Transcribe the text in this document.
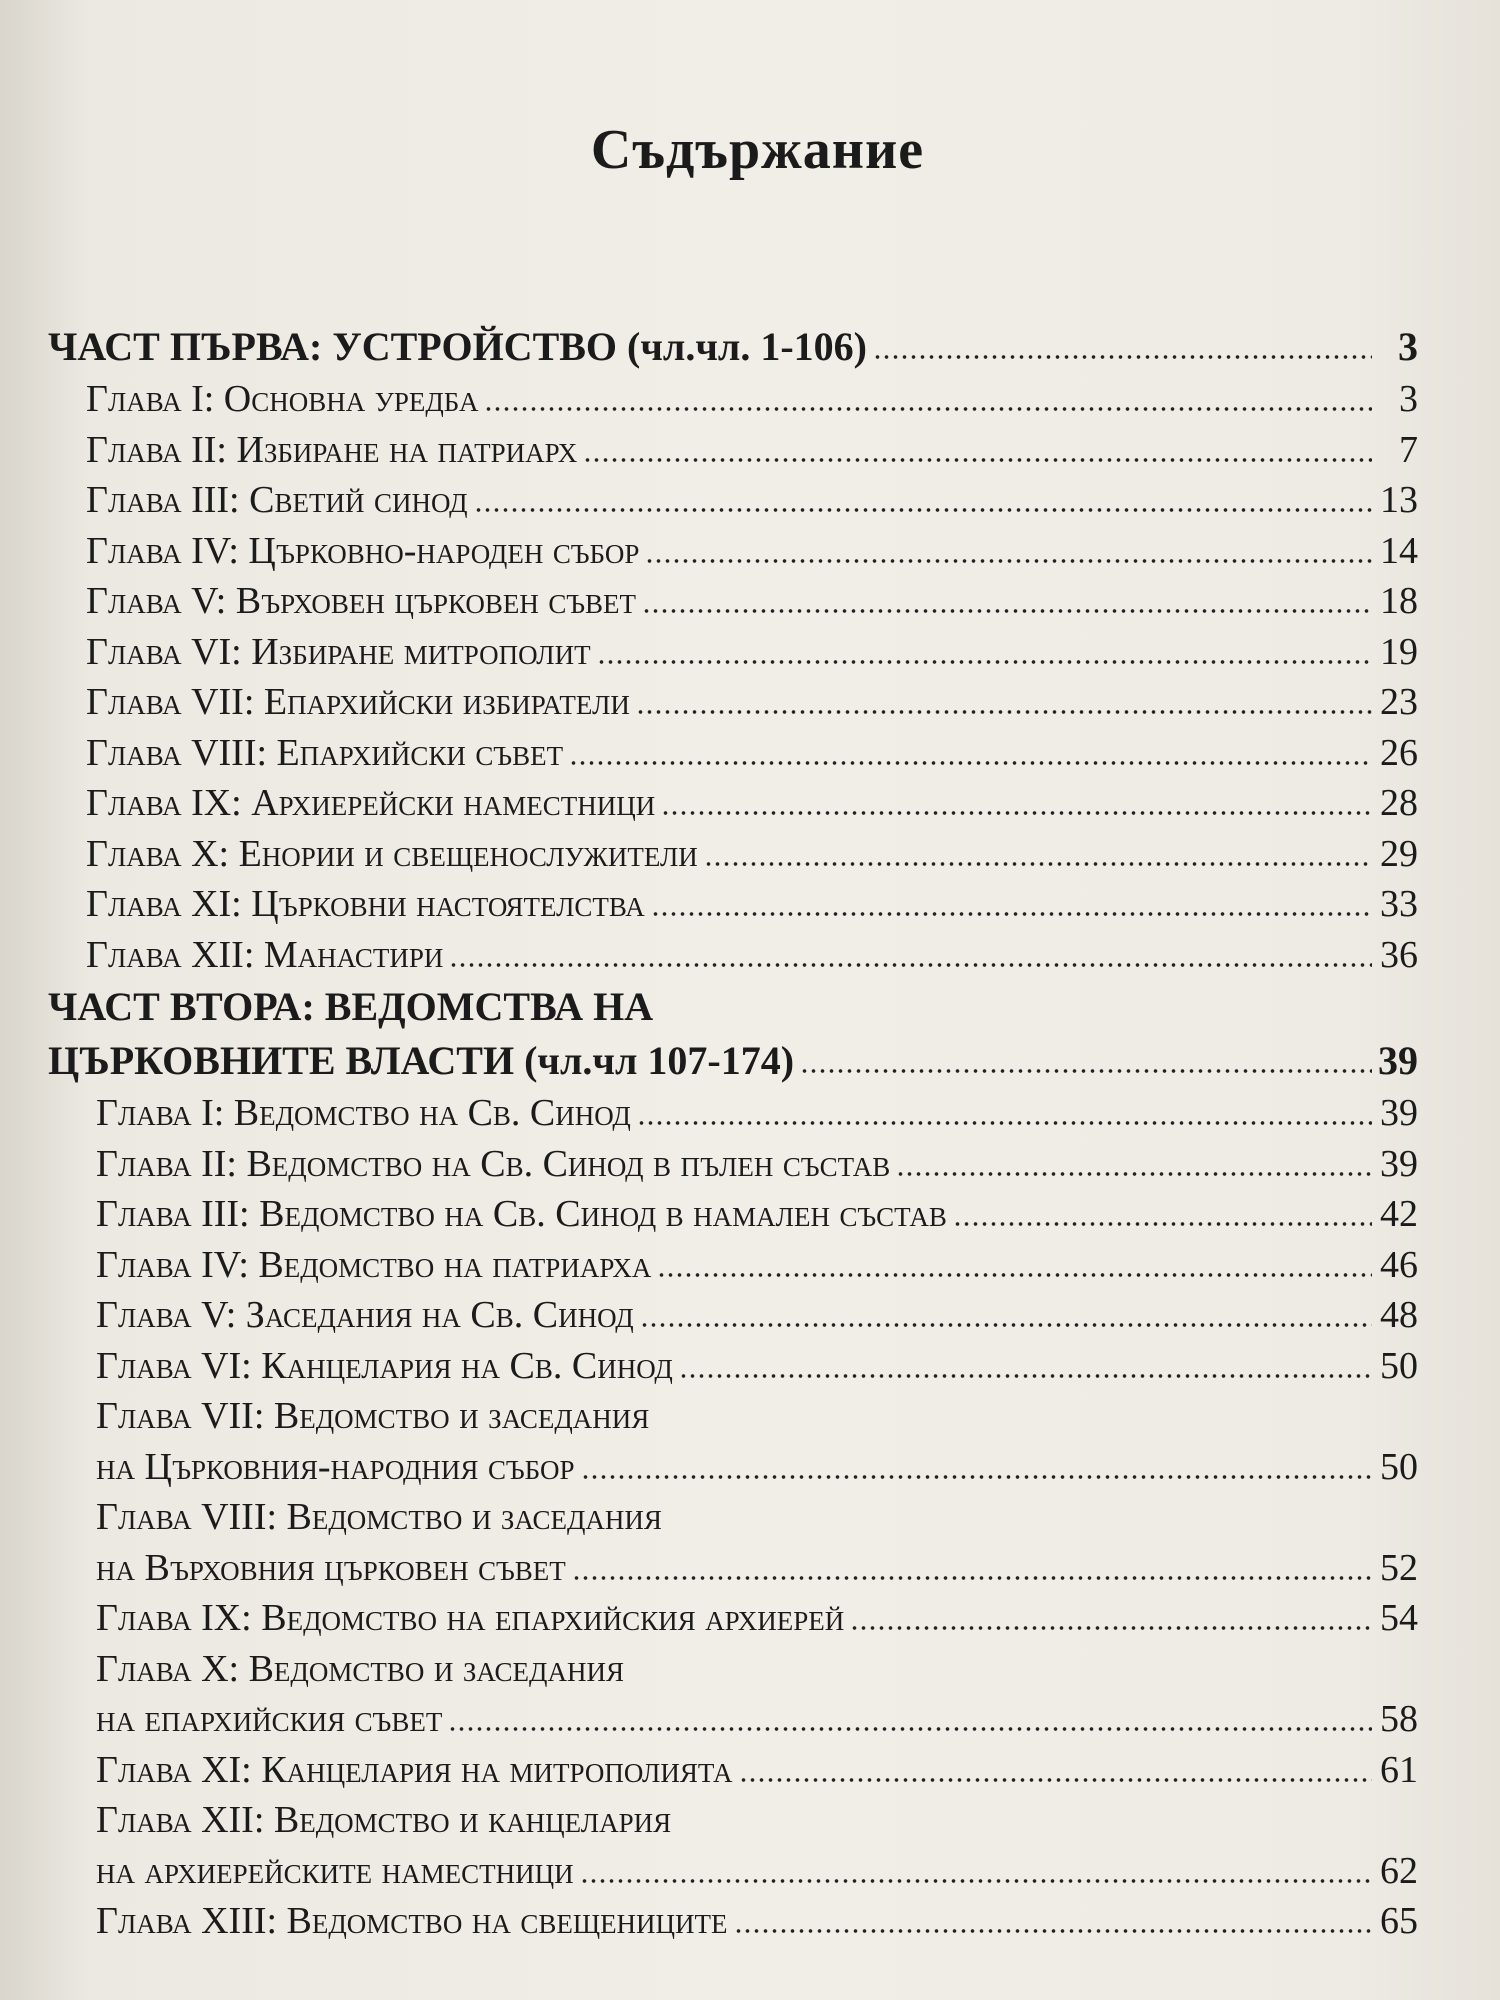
Съдържание
ЧАСТ ПЪРВА: УСТРОЙСТВО (чл.чл. 1-106)	3
Глава I: Основна уредба	3
Глава II: Избиране на патриарх	7
Глава III: Светий синод	13
Глава IV: Църковно-народен събор	14
Глава V: Върховен църковен съвет	18
Глава VI: Избиране митрополит	19
Глава VII: Епархийски избиратели	23
Глава VIII: Епархийски съвет	26
Глава IX: Архиерейски наместници	28
Глава X: Енории и свещенослужители	29
Глава XI: Църковни настоятелства	33
Глава XII: Манастири	36
ЧАСТ ВТОРА: ВЕДОМСТВА НА
ЦЪРКОВНИТЕ ВЛАСТИ (чл.чл 107-174)	39
Глава I: Ведомство на Св. Синод	39
Глава II: Ведомство на Св. Синод в пълен състав	39
Глава III: Ведомство на Св. Синод в намален състав	42
Глава IV: Ведомство на патриарха	46
Глава V: Заседания на Св. Синод	48
Глава VI: Канцелария на Св. Синод	50
Глава VII: Ведомство и заседания
на Църковния-народния събор	50
Глава VIII: Ведомство и заседания
на Върховния църковен съвет	52
Глава IX: Ведомство на епархийския архиерей	54
Глава X: Ведомство и заседания
на епархийския съвет	58
Глава XI: Канцелария на митрополията	61
Глава XII: Ведомство и канцелария
на архиерейските наместници	62
Глава XIII: Ведомство на свещениците	65
